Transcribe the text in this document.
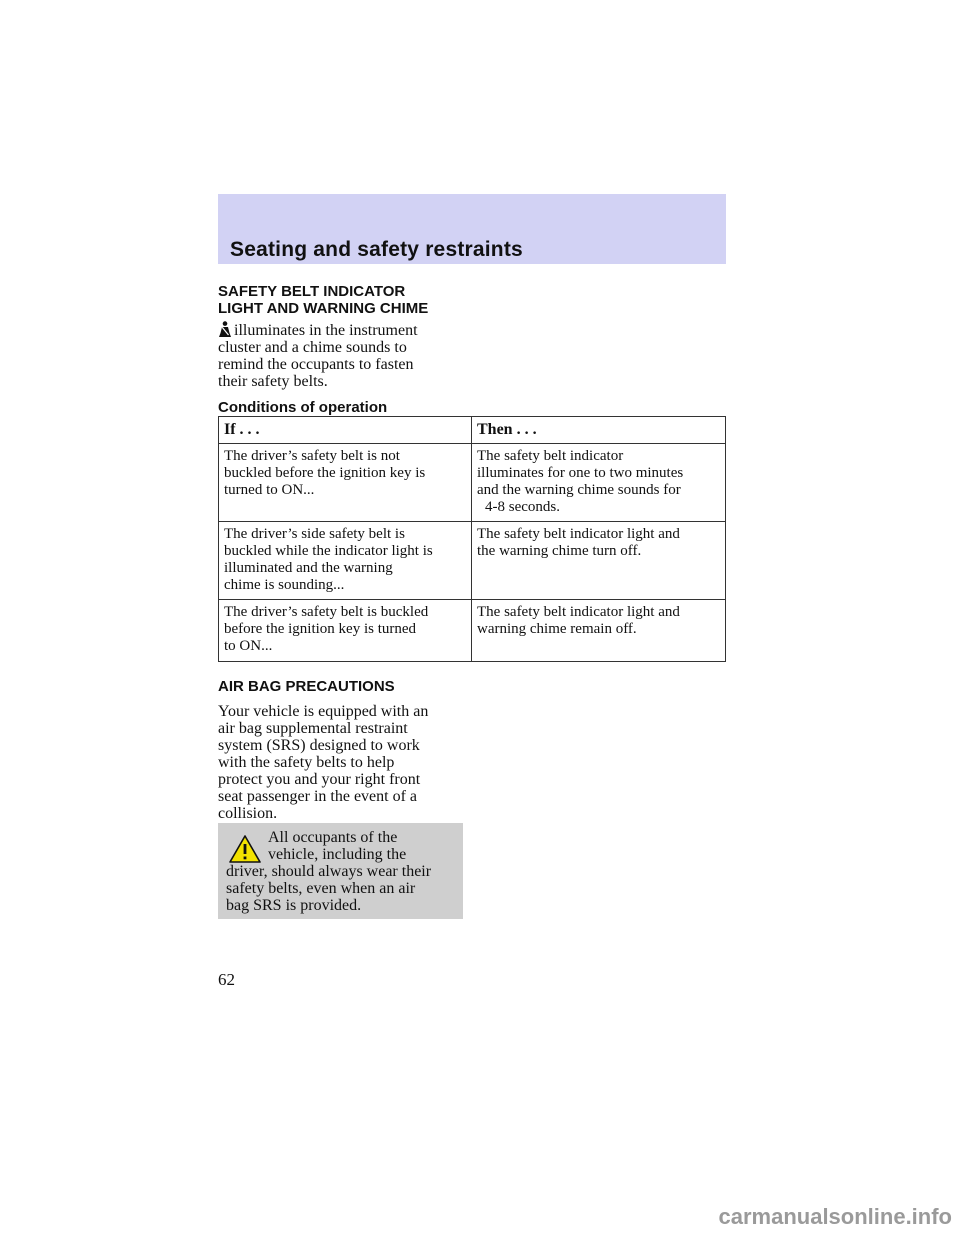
Seating and safety restraints
SAFETY BELT INDICATOR
LIGHT AND WARNING CHIME
illuminates in the instrument
cluster and a chime sounds to
remind the occupants to fasten
their safety belts.
Conditions of operation
If . . .	Then . . .

The driver’s safety belt is not
buckled before the ignition key is
turned to ON...	The safety belt indicator
illuminates for one to two minutes
and the warning chime sounds for
4-8 seconds.

The driver’s side safety belt is
buckled while the indicator light is
illuminated and the warning
chime is sounding...	The safety belt indicator light and
the warning chime turn off.

The driver’s safety belt is buckled
before the ignition key is turned
to ON...	The safety belt indicator light and
warning chime remain off.
AIR BAG PRECAUTIONS
Your vehicle is equipped with an
air bag supplemental restraint
system (SRS) designed to work
with the safety belts to help
protect you and your right front
seat passenger in the event of a
collision.
All occupants of the
vehicle, including the
driver, should always wear their
safety belts, even when an air
bag SRS is provided.
62
carmanualsonline.info
